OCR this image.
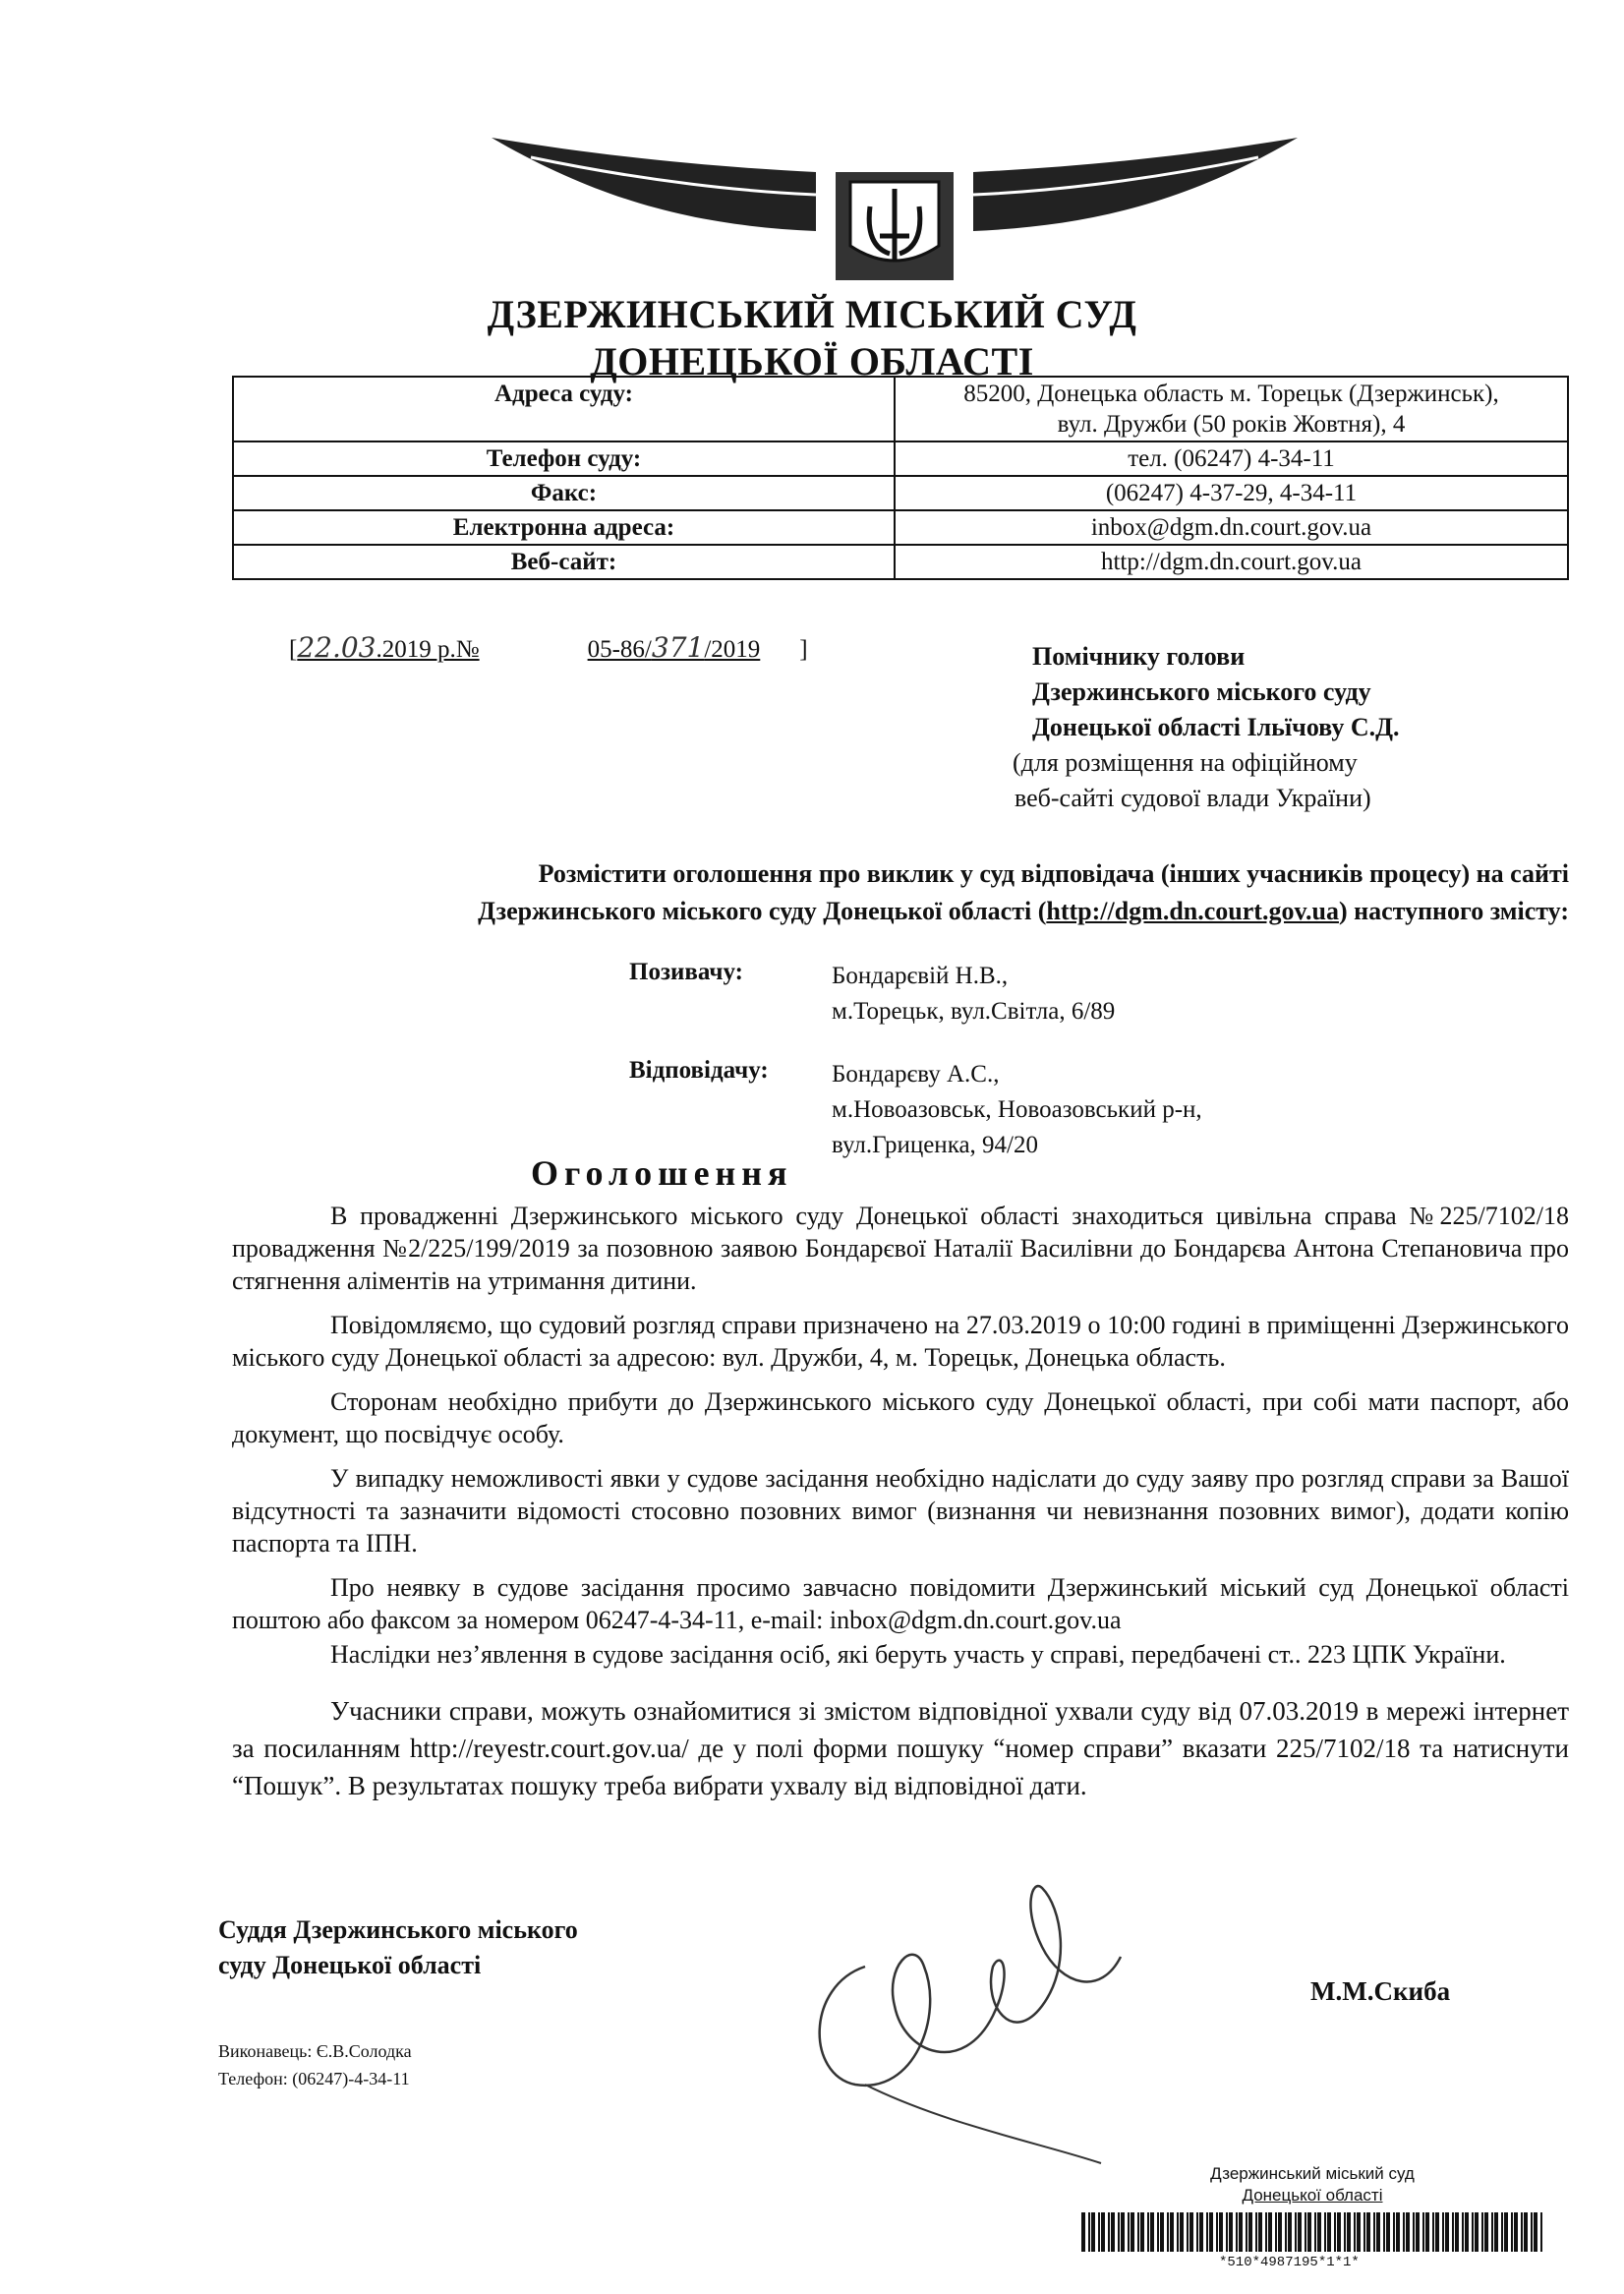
ДЗЕРЖИНСЬКИЙ МІСЬКИЙ СУД
ДОНЕЦЬКОЇ ОБЛАСТІ
Адреса суду:	85200, Донецька область м. Торецьк (Дзержинськ),
вул. Дружби (50 років Жовтня), 4

Телефон суду:	тел. (06247) 4-34-11
Факс:	(06247) 4-37-29, 4-34-11
Електронна адреса:	inbox@dgm.dn.court.gov.ua
Веб-сайт:	http://dgm.dn.court.gov.ua
[22.03.2019 р.№	05-86/371/2019 ]	Помічнику голови
Дзержинського міського суду
Донецької області Ільїчову С.Д.
(для розміщення на офіційному
веб-сайті судової влади України)
Розмістити оголошення про виклик у суд відповідача (інших учасників процесу) на сайті
Дзержинського міського суду Донецької області (http://dgm.dn.court.gov.ua) наступного змісту:
Позивачу:	Бондарєвій Н.В.,
м.Торецьк, вул.Світла, 6/89
Відповідачу:	Бондарєву А.С.,
м.Новоазовськ, Новоазовський р-н,
вул.Гриценка, 94/20
Оголошення

В провадженні Дзержинського міського суду Донецької області знаходиться цивільна справа №225/7102/18 провадження №2/225/199/2019 за позовною заявою Бондарєвої Наталії Василівни до Бондарєва Антона Степановича про стягнення аліментів на утримання дитини.

Повідомляємо, що судовий розгляд справи призначено на 27.03.2019 о 10:00 годині в приміщенні Дзержинського міського суду Донецької області за адресою: вул. Дружби, 4, м. Торецьк, Донецька область.

Сторонам необхідно прибути до Дзержинського міського суду Донецької області, при собі мати паспорт, або документ, що посвідчує особу.

У випадку неможливості явки у судове засідання необхідно надіслати до суду заяву про розгляд справи за Вашої відсутності та зазначити відомості стосовно позовних вимог (визнання чи невизнання позовних вимог), додати копію паспорта та ІПН.

Про неявку в судове засідання просимо завчасно повідомити Дзержинський міський суд Донецької області поштою або факсом за номером 06247-4-34-11, e-mail: inbox@dgm.dn.court.gov.ua

Наслідки нез’явлення в судове засідання осіб, які беруть участь у справі, передбачені ст.. 223 ЦПК України.

Учасники справи, можуть ознайомитися зі змістом відповідної ухвали суду від 07.03.2019 в мережі інтернет за посиланням http://reyestr.court.gov.ua/ де у полі форми пошуку “номер справи” вказати 225/7102/18 та натиснути “Пошук”. В результатах пошуку треба вибрати ухвалу від відповідної дати.

Суддя Дзержинського міського
суду Донецької області
М.М.Скиба
Виконавець: Є.В.Солодка
Телефон: (06247)-4-34-11
Дзержинський міський суд
Донецької області
*510*4987195*1*1*
